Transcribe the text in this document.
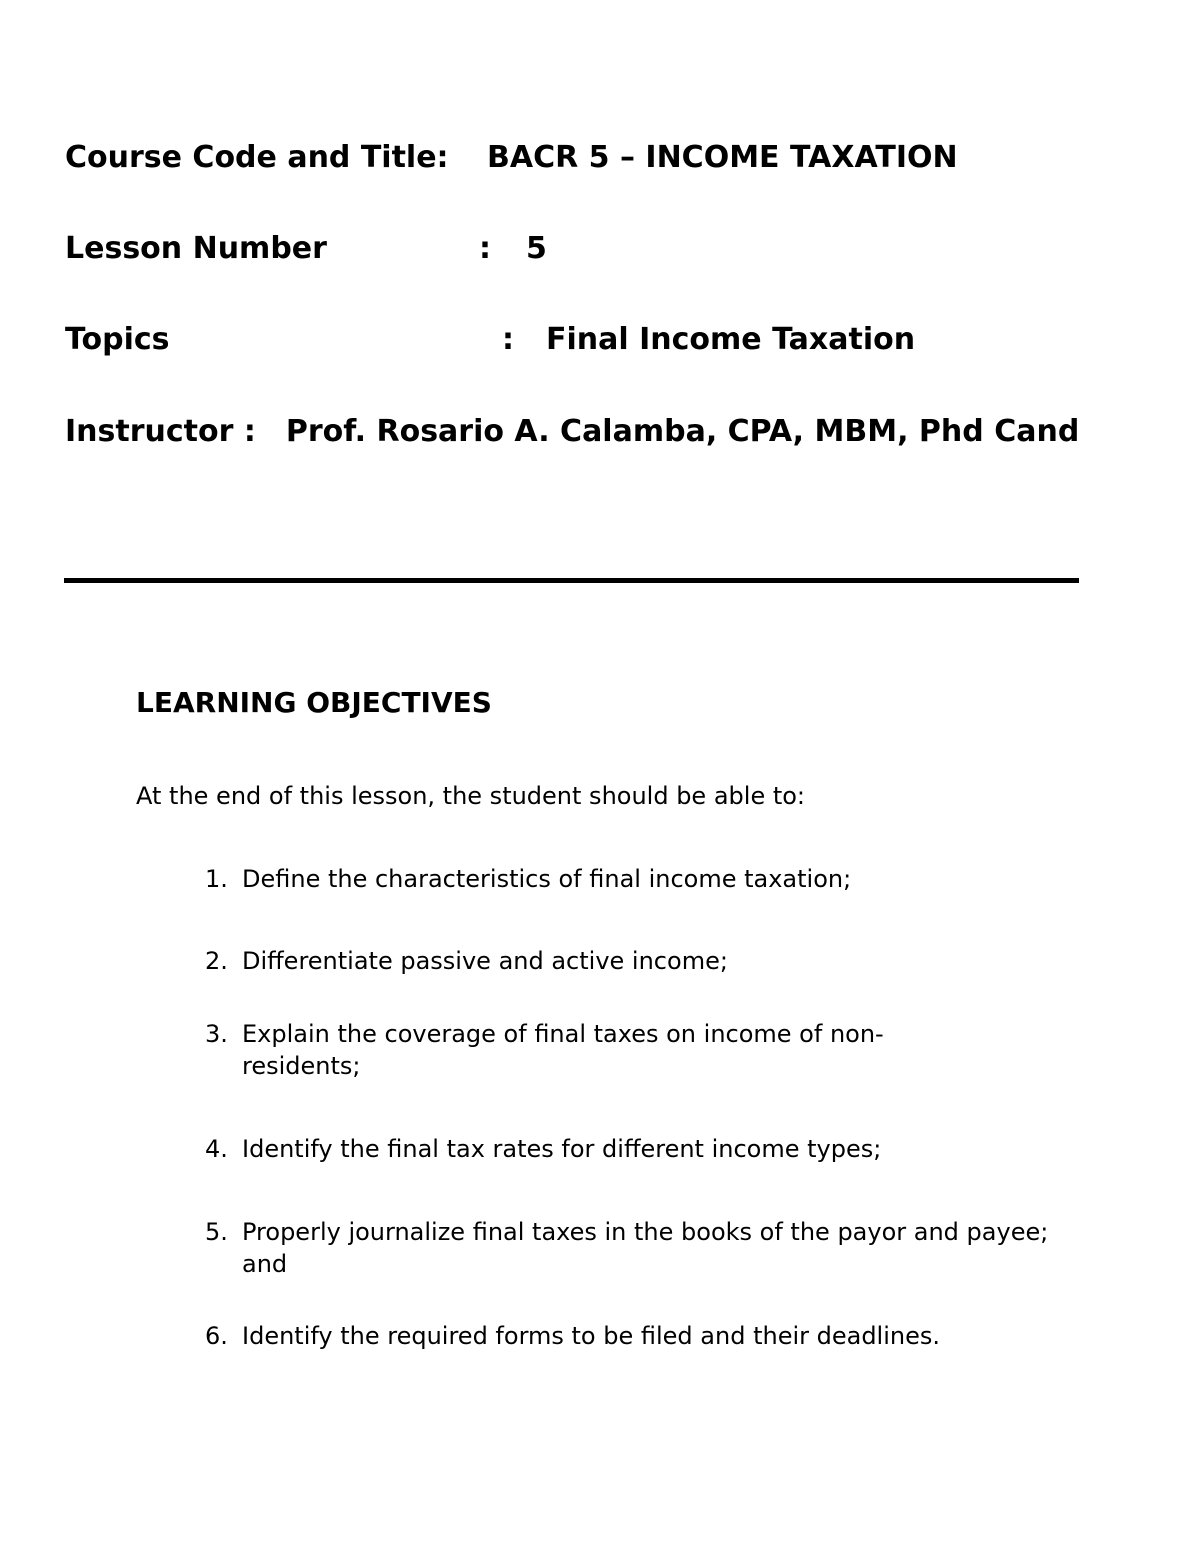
Course Code and Title: BACR 5 – INCOME TAXATION
Lesson Number	: 5
Topics	: Final Income Taxation
Instructor : Prof. Rosario A. Calamba, CPA, MBM, Phd Cand
LEARNING OBJECTIVES
At the end of this lesson, the student should be able to:
1. Define the characteristics of final income taxation;
2. Differentiate passive and active income;
3. Explain the coverage of final taxes on income of non-residents;
4. Identify the final tax rates for different income types;
5. Properly journalize final taxes in the books of the payor and payee; and
6. Identify the required forms to be filed and their deadlines.
